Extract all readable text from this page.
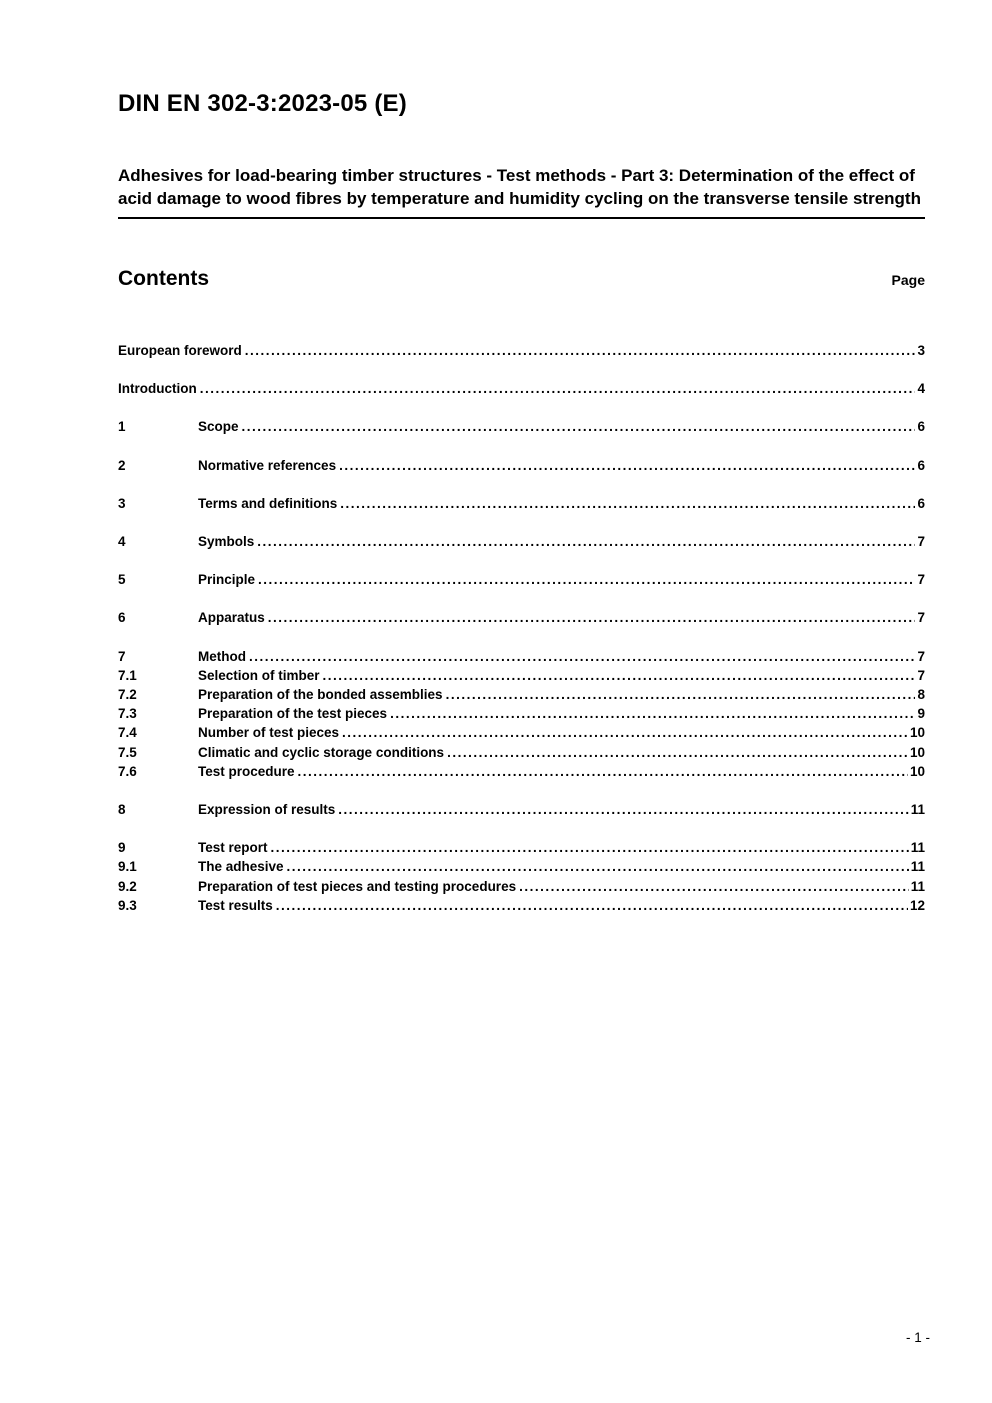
DIN EN 302-3:2023-05 (E)
Adhesives for load-bearing timber structures - Test methods - Part 3: Determination of the effect of acid damage to wood fibres by temperature and humidity cycling on the transverse tensile strength
Contents	Page
European foreword .....	3
Introduction .....	4
1	Scope .....	6
2	Normative references .....	6
3	Terms and definitions .....	6
4	Symbols .....	7
5	Principle .....	7
6	Apparatus .....	7
7	Method .....	7
7.1	Selection of timber .....	7
7.2	Preparation of the bonded assemblies .....	8
7.3	Preparation of the test pieces .....	9
7.4	Number of test pieces .....	10
7.5	Climatic and cyclic storage conditions .....	10
7.6	Test procedure .....	10
8	Expression of results .....	11
9	Test report .....	11
9.1	The adhesive .....	11
9.2	Preparation of test pieces and testing procedures .....	11
9.3	Test results .....	12
- 1 -
